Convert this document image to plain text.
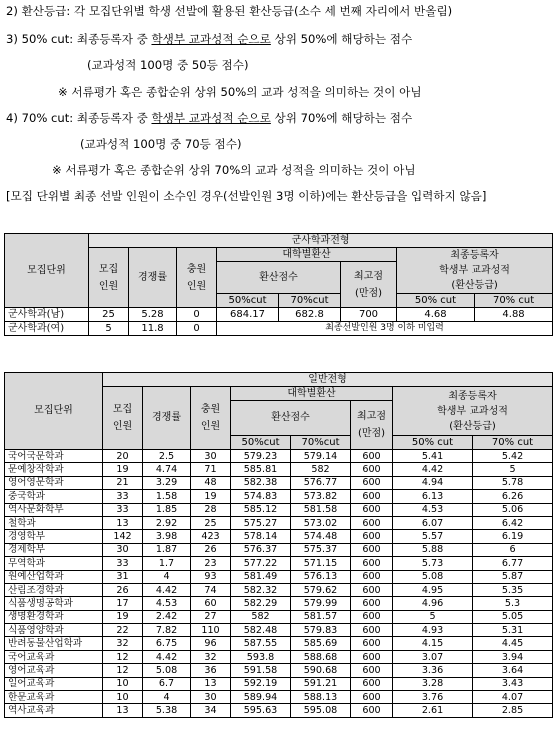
2) 환산등급: 각 모집단위별 학생 선발에 활용된 환산등급(소수 세 번째 자리에서 반올림)
3) 50% cut: 최종등록자 중 학생부 교과성적 순으로 상위 50%에 해당하는 점수
(교과성적 100명 중 50등 점수)
※ 서류평가 혹은 종합순위 상위 50%의 교과 성적을 의미하는 것이 아님
4) 70% cut: 최종등록자 중 학생부 교과성적 순으로 상위 70%에 해당하는 점수
(교과성적 100명 중 70등 점수)
※ 서류평가 혹은 종합순위 상위 70%의 교과 성적을 의미하는 것이 아님
[모집 단위별 최종 선발 인원이 소수인 경우(선발인원 3명 이하)에는 환산등급을 입력하지 않음]
모집단위	군사학과전형							
	모집
인원	경쟁률	충원
인원	대학별환산			최종등록자
학생부 교과성적
(환산등급)	
				환산점수		최고점
(만점)		
				50%cut	70%cut		50% cut	70% cut
군사학과(남)	25	5.28	0	684.17	682.8	700	4.68	4.88
군사학과(여)	5	11.8	0	최종선발인원 3명 이하 미입력				
모집단위	일반전형							
	모집
인원	경쟁률	충원
인원	대학별환산			최종등록자
학생부 교과성적
(환산등급)	
				환산점수		최고점
(만점)		
				50%cut	70%cut		50% cut	70% cut
국어국문학과	20	2.5	30	579.23	579.14	600	5.41	5.42
문예창작학과	19	4.74	71	585.81	582	600	4.42	5
영어영문학과	21	3.29	48	582.38	576.77	600	4.94	5.78
중국학과	33	1.58	19	574.83	573.82	600	6.13	6.26
역사문화학부	33	1.85	28	585.12	581.58	600	4.53	5.06
철학과	13	2.92	25	575.27	573.02	600	6.07	6.42
경영학부	142	3.98	423	578.14	574.48	600	5.57	6.19
경제학부	30	1.87	26	576.37	575.37	600	5.88	6
무역학과	33	1.7	23	577.22	571.15	600	5.73	6.77
원예산업학과	31	4	93	581.49	576.13	600	5.08	5.87
산림조경학과	26	4.42	74	582.32	579.62	600	4.95	5.35
식품생명공학과	17	4.53	60	582.29	579.99	600	4.96	5.3
생명환경학과	19	2.42	27	582	581.57	600	5	5.05
식품영양학과	22	7.82	110	582.48	579.83	600	4.93	5.31
반려동물산업학과	32	6.75	96	587.55	585.69	600	4.15	4.45
국어교육과	12	4.42	32	593.8	588.68	600	3.07	3.94
영어교육과	12	5.08	36	591.58	590.68	600	3.36	3.64
일어교육과	10	6.7	13	592.19	591.21	600	3.28	3.43
한문교육과	10	4	30	589.94	588.13	600	3.76	4.07
역사교육과	13	5.38	34	595.63	595.08	600	2.61	2.85
